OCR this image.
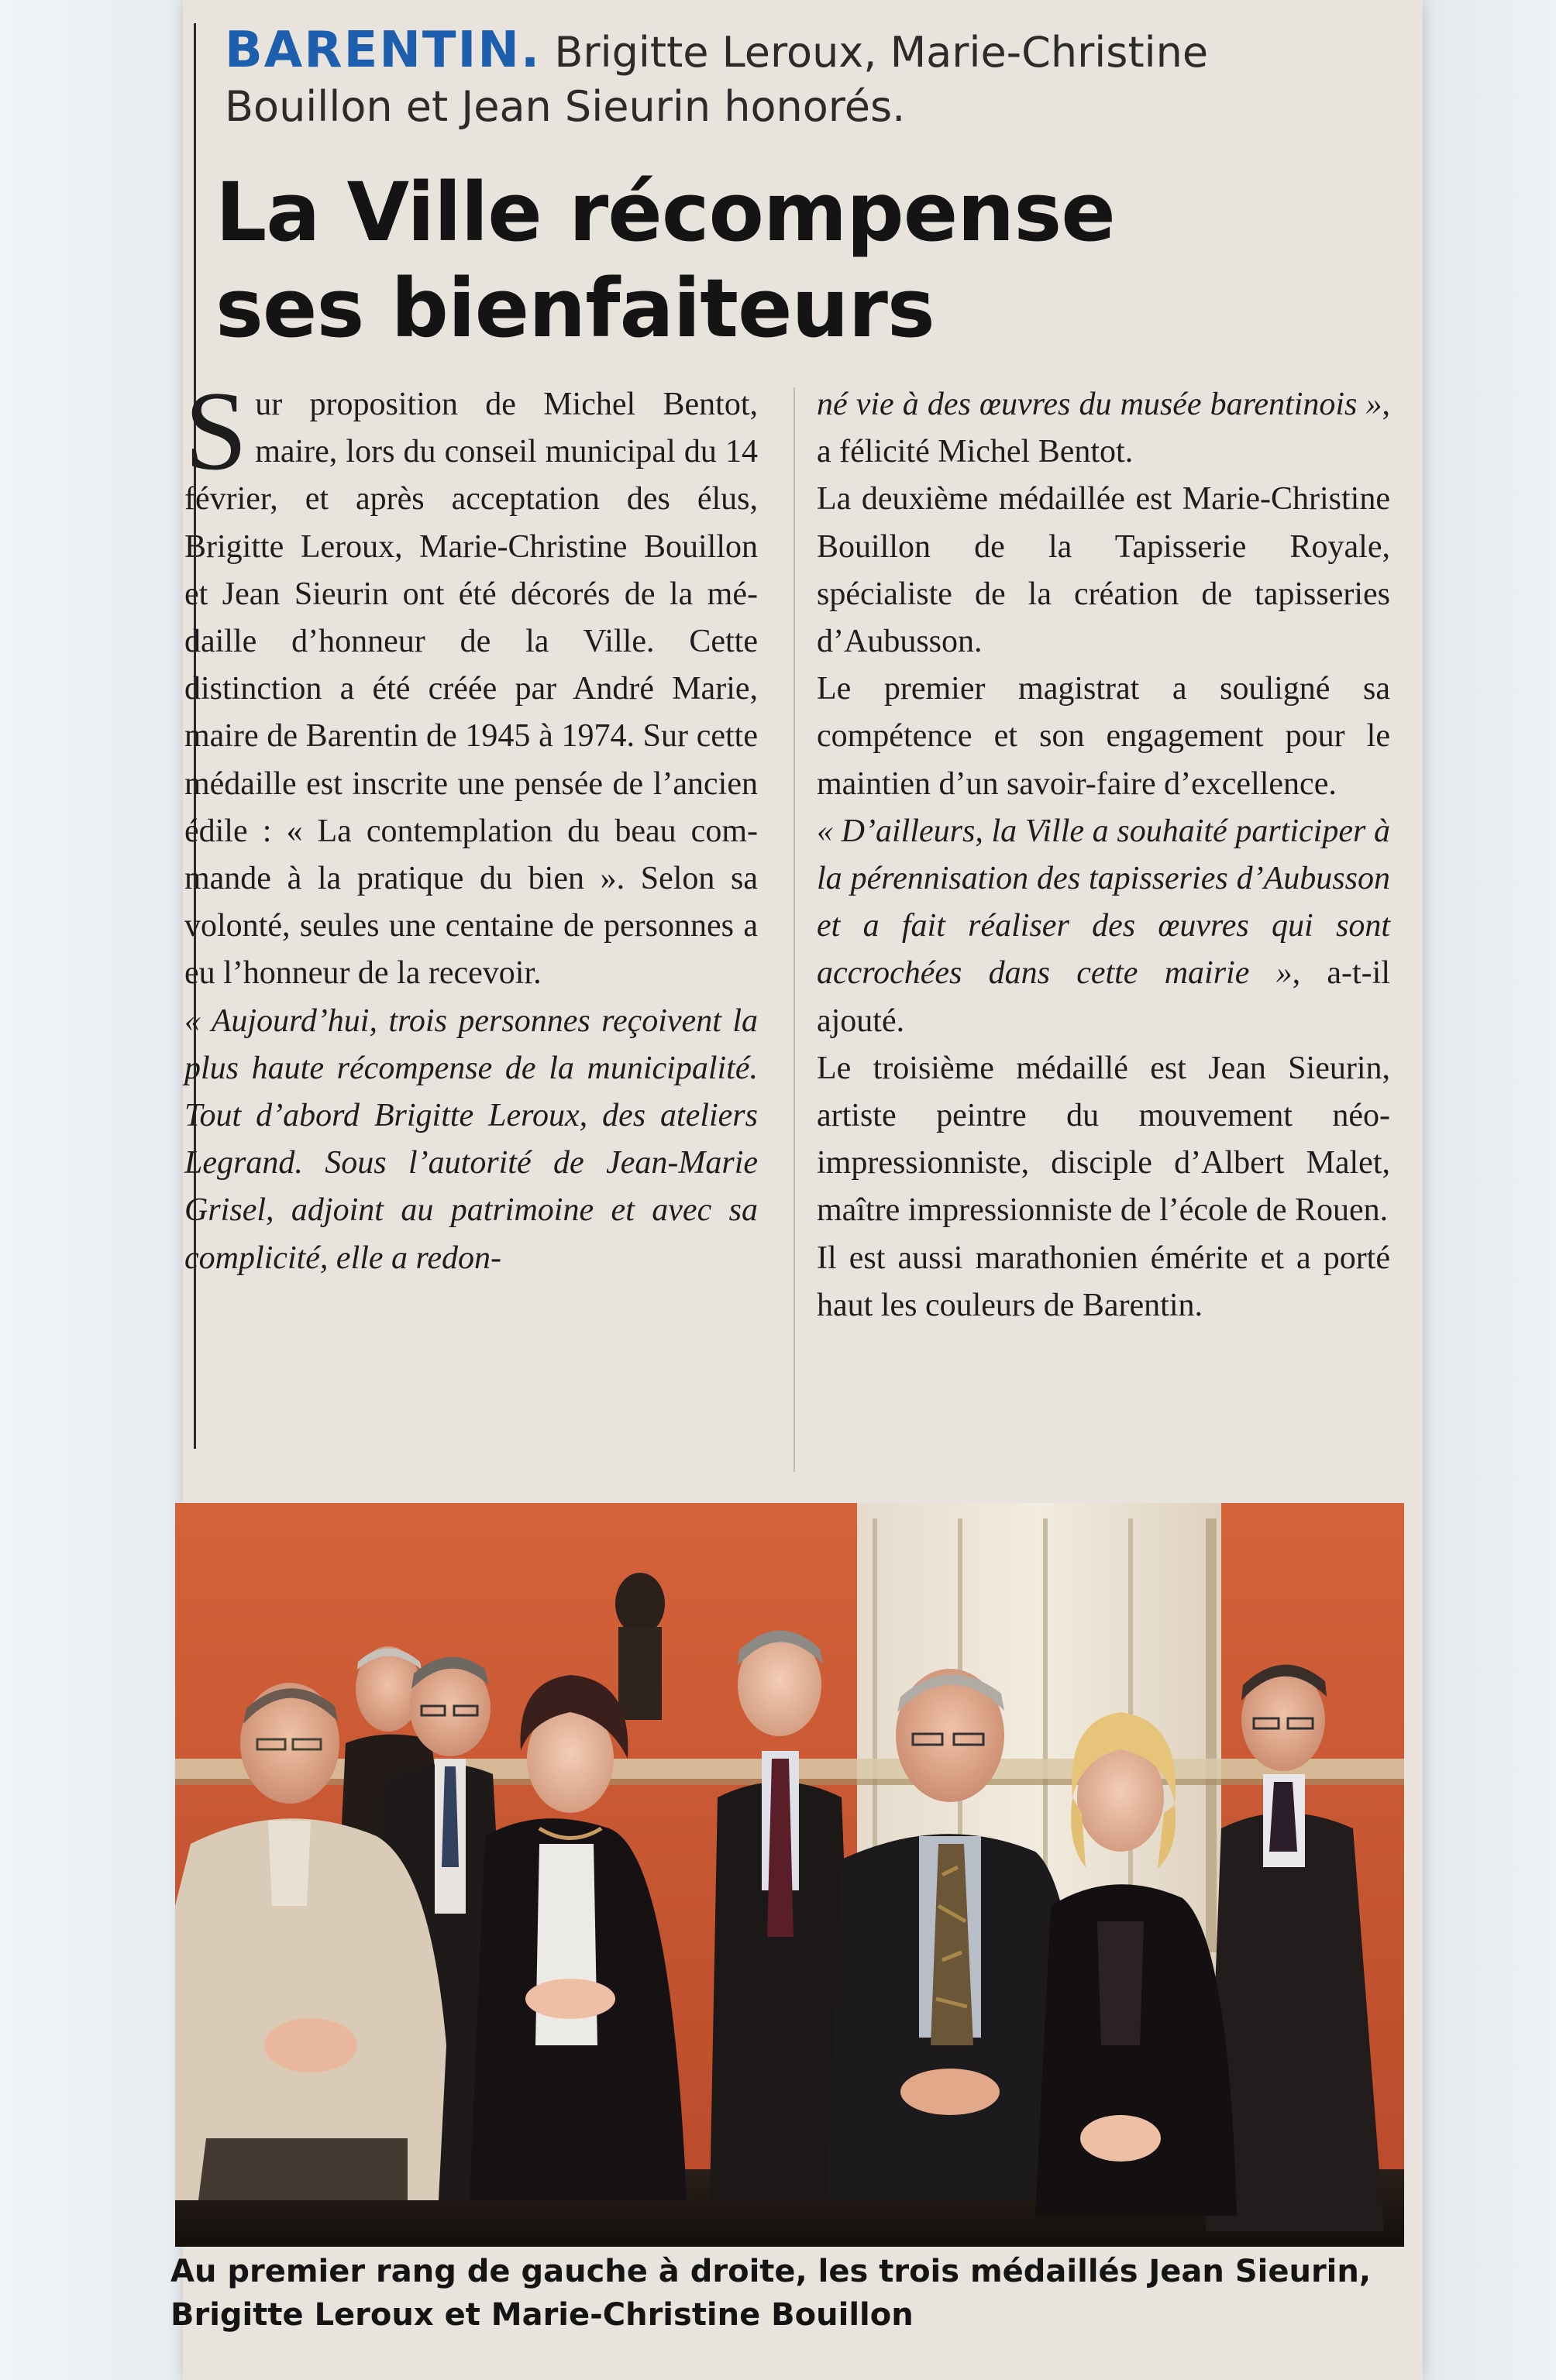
BARENTIN. Brigitte Leroux, Marie-Christine Bouillon et Jean Sieurin honorés.
La Ville récompense
ses bienfaiteurs

Sur proposition de Michel Bentot, maire, lors du conseil municipal du 14 février, et après acceptation des élus, Brigitte Leroux, Marie-Christine Bouillon et Jean Sieurin ont été décorés de la médaille d’honneur de la Ville. Cette distinction a été créée par André Marie, maire de Barentin de 1945 à 1974. Sur cette médaille est inscrite une pensée de l’ancien édile : « La contemplation du beau commande à la pratique du bien ». Selon sa volonté, seules une centaine de personnes a eu l’honneur de la recevoir.

« Aujourd’hui, trois personnes reçoivent la plus haute récompense de la municipalité. Tout d’abord Brigitte Leroux, des ateliers Legrand. Sous l’autorité de Jean-Marie Grisel, adjoint au patrimoine et avec sa complicité, elle a redon-

né vie à des œuvres du musée barentinois », a félicité Michel Bentot.

La deuxième médaillée est Marie-Christine Bouillon de la Tapisserie Royale, spécialiste de la création de tapisseries d’Aubusson.

Le premier magistrat a souligné sa compétence et son engagement pour le maintien d’un savoir-faire d’excellence.

« D’ailleurs, la Ville a souhaité participer à la pérennisation des tapisseries d’Aubusson et a fait réaliser des œuvres qui sont accrochées dans cette mairie », a-t-il ajouté.

Le troisième médaillé est Jean Sieurin, artiste peintre du mouvement néo-impressionniste, disciple d’Albert Malet, maître impressionniste de l’école de Rouen.

Il est aussi marathonien émérite et a porté haut les couleurs de Barentin.

Au premier rang de gauche à droite, les trois médaillés Jean Sieurin, Brigitte Leroux et Marie-Christine Bouillon
